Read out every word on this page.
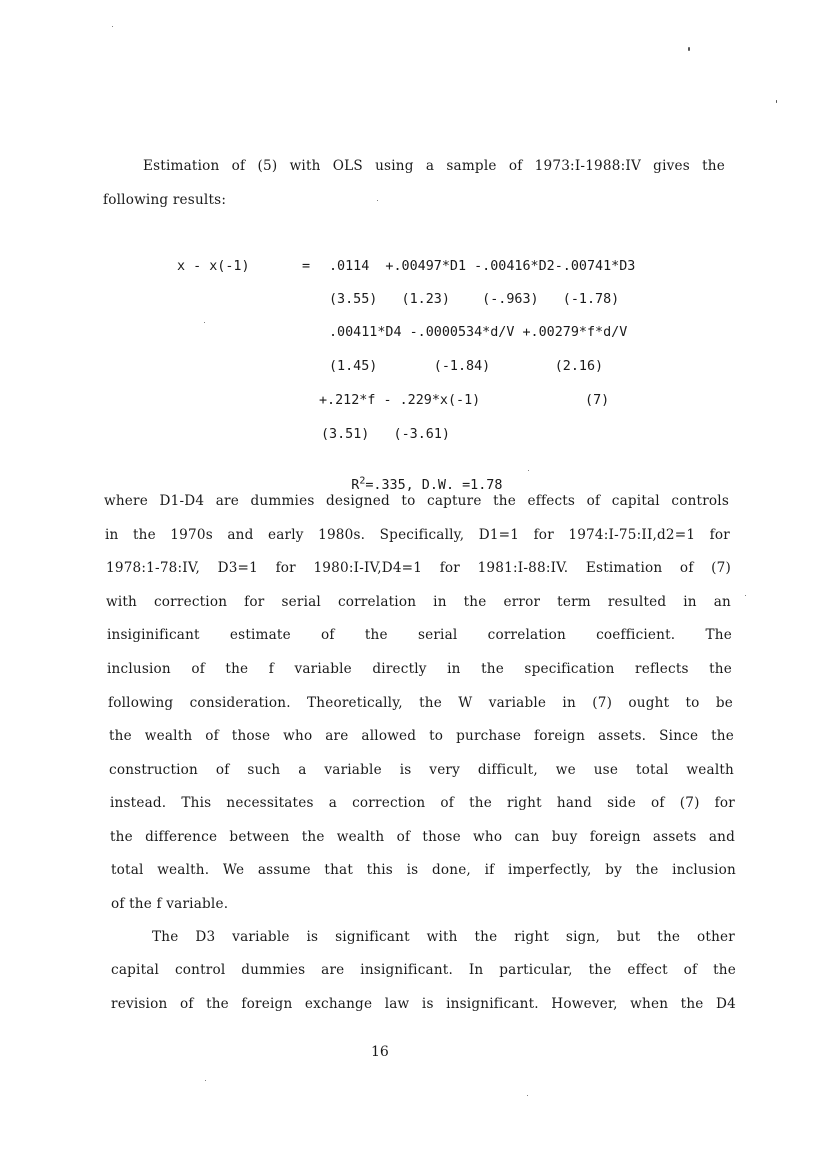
Estimation of (5) with OLS using a sample of 1973:I-1988:IV gives the
following results:
x - x(-1)	= .0114  +.00497*D1 -.00416*D2-.00741*D3
(3.55)   (1.23)    (-.963)   (-1.78)
.00411*D4 -.0000534*d/V +.00279*f*d/V
(1.45)       (-1.84)        (2.16)
+.212*f - .229*x(-1)             (7)
(3.51)   (-3.61)

$R^2=.335$, D.W. =1.78

where D1-D4 are dummies designed to capture the effects of capital controls
in the 1970s and early 1980s. Specifically, D1=1 for 1974:I-75:II,d2=1 for
1978:1-78:IV, D3=1 for 1980:I-IV,D4=1 for 1981:I-88:IV. Estimation of (7)
with correction for serial correlation in the error term resulted in an
insiginificant estimate of the serial correlation coefficient. The
inclusion of the f variable directly in the specification reflects the
following consideration. Theoretically, the W variable in (7) ought to be
the wealth of those who are allowed to purchase foreign assets. Since the
construction of such a variable is very difficult, we use total wealth
instead. This necessitates a correction of the right hand side of (7) for
the difference between the wealth of those who can buy foreign assets and
total wealth. We assume that this is done, if imperfectly, by the inclusion
of the f variable.
The D3 variable is significant with the right sign, but the other
capital control dummies are insignificant. In particular, the effect of the
revision of the foreign exchange law is insignificant. However, when the D4
16
